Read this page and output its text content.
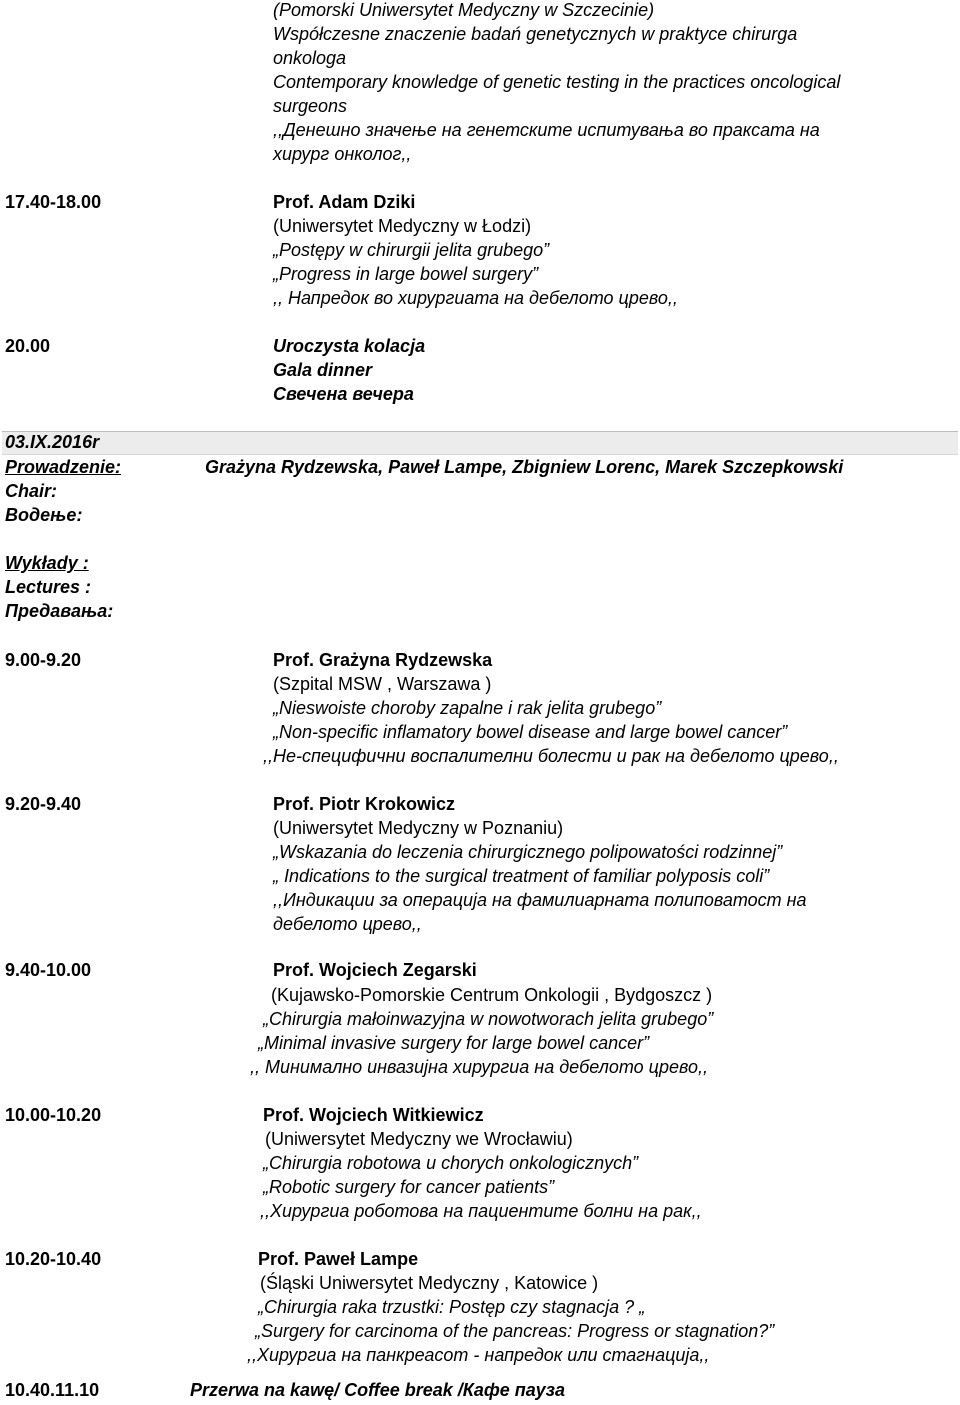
(Pomorski Uniwersytet Medyczny w Szczecinie)
Współczesne znaczenie badań genetycznych w praktyce chirurga
onkologa
Contemporary knowledge of genetic testing in the practices oncological
surgeons
,,Денешно значење на генетските испитувања во праксата на
хирург онколог,,
17.40-18.00	Prof. Adam Dziki
(Uniwersytet Medyczny w Łodzi)
„Postępy w chirurgii jelita grubego”
„Progress in large bowel surgery”
,, Напредок во хирургиата на дебелото црево,,
20.00	Uroczysta kolacja
Gala dinner
Свечена вечера
03.IX.2016r
Prowadzenie:	Grażyna Rydzewska, Paweł Lampe, Zbigniew Lorenc, Marek Szczepkowski
Chair:
Водење:
Wykłady :
Lectures :
Предавања:
9.00-9.20	Prof. Grażyna Rydzewska
(Szpital MSW , Warszawa )
„Nieswoiste choroby zapalne i rak jelita grubego”
„Non-specific inflamatory bowel disease and large bowel cancer”
,,Не-специфични воспалителни болести и рак на дебелото црево,,
9.20-9.40	Prof. Piotr Krokowicz
(Uniwersytet Medyczny w Poznaniu)
„Wskazania do leczenia chirurgicznego polipowatości rodzinnej”
„ Indications to the surgical treatment of familiar polyposis coli”
,,Индикации за операција на фамилиарната полиповатост на
дебелото црево,,
9.40-10.00	Prof. Wojciech Zegarski
(Kujawsko-Pomorskie Centrum Onkologii , Bydgoszcz )
„Chirurgia małoinwazyjna w nowotworach jelita grubego”
„Minimal invasive surgery for large bowel cancer”
,, Минимално инвазијна хирургиа на дебелото црево,,
10.00-10.20	Prof. Wojciech Witkiewicz
(Uniwersytet Medyczny we Wrocławiu)
„Chirurgia robotowa u chorych onkologicznych”
„Robotic surgery for cancer patients”
,,Хирургиа роботова на пациентите болни на рак,,
10.20-10.40	Prof. Paweł Lampe
(Śląski Uniwersytet Medyczny , Katowice )
„Chirurgia raka trzustki: Postęp czy stagnacja ? „
„Surgery for carcinoma of the pancreas: Progress or stagnation?”
,,Хирургиа на панкреасот - напредок или стагнација,,
10.40.11.10	Przerwa na kawę/ Coffee break /Кафе пауза
